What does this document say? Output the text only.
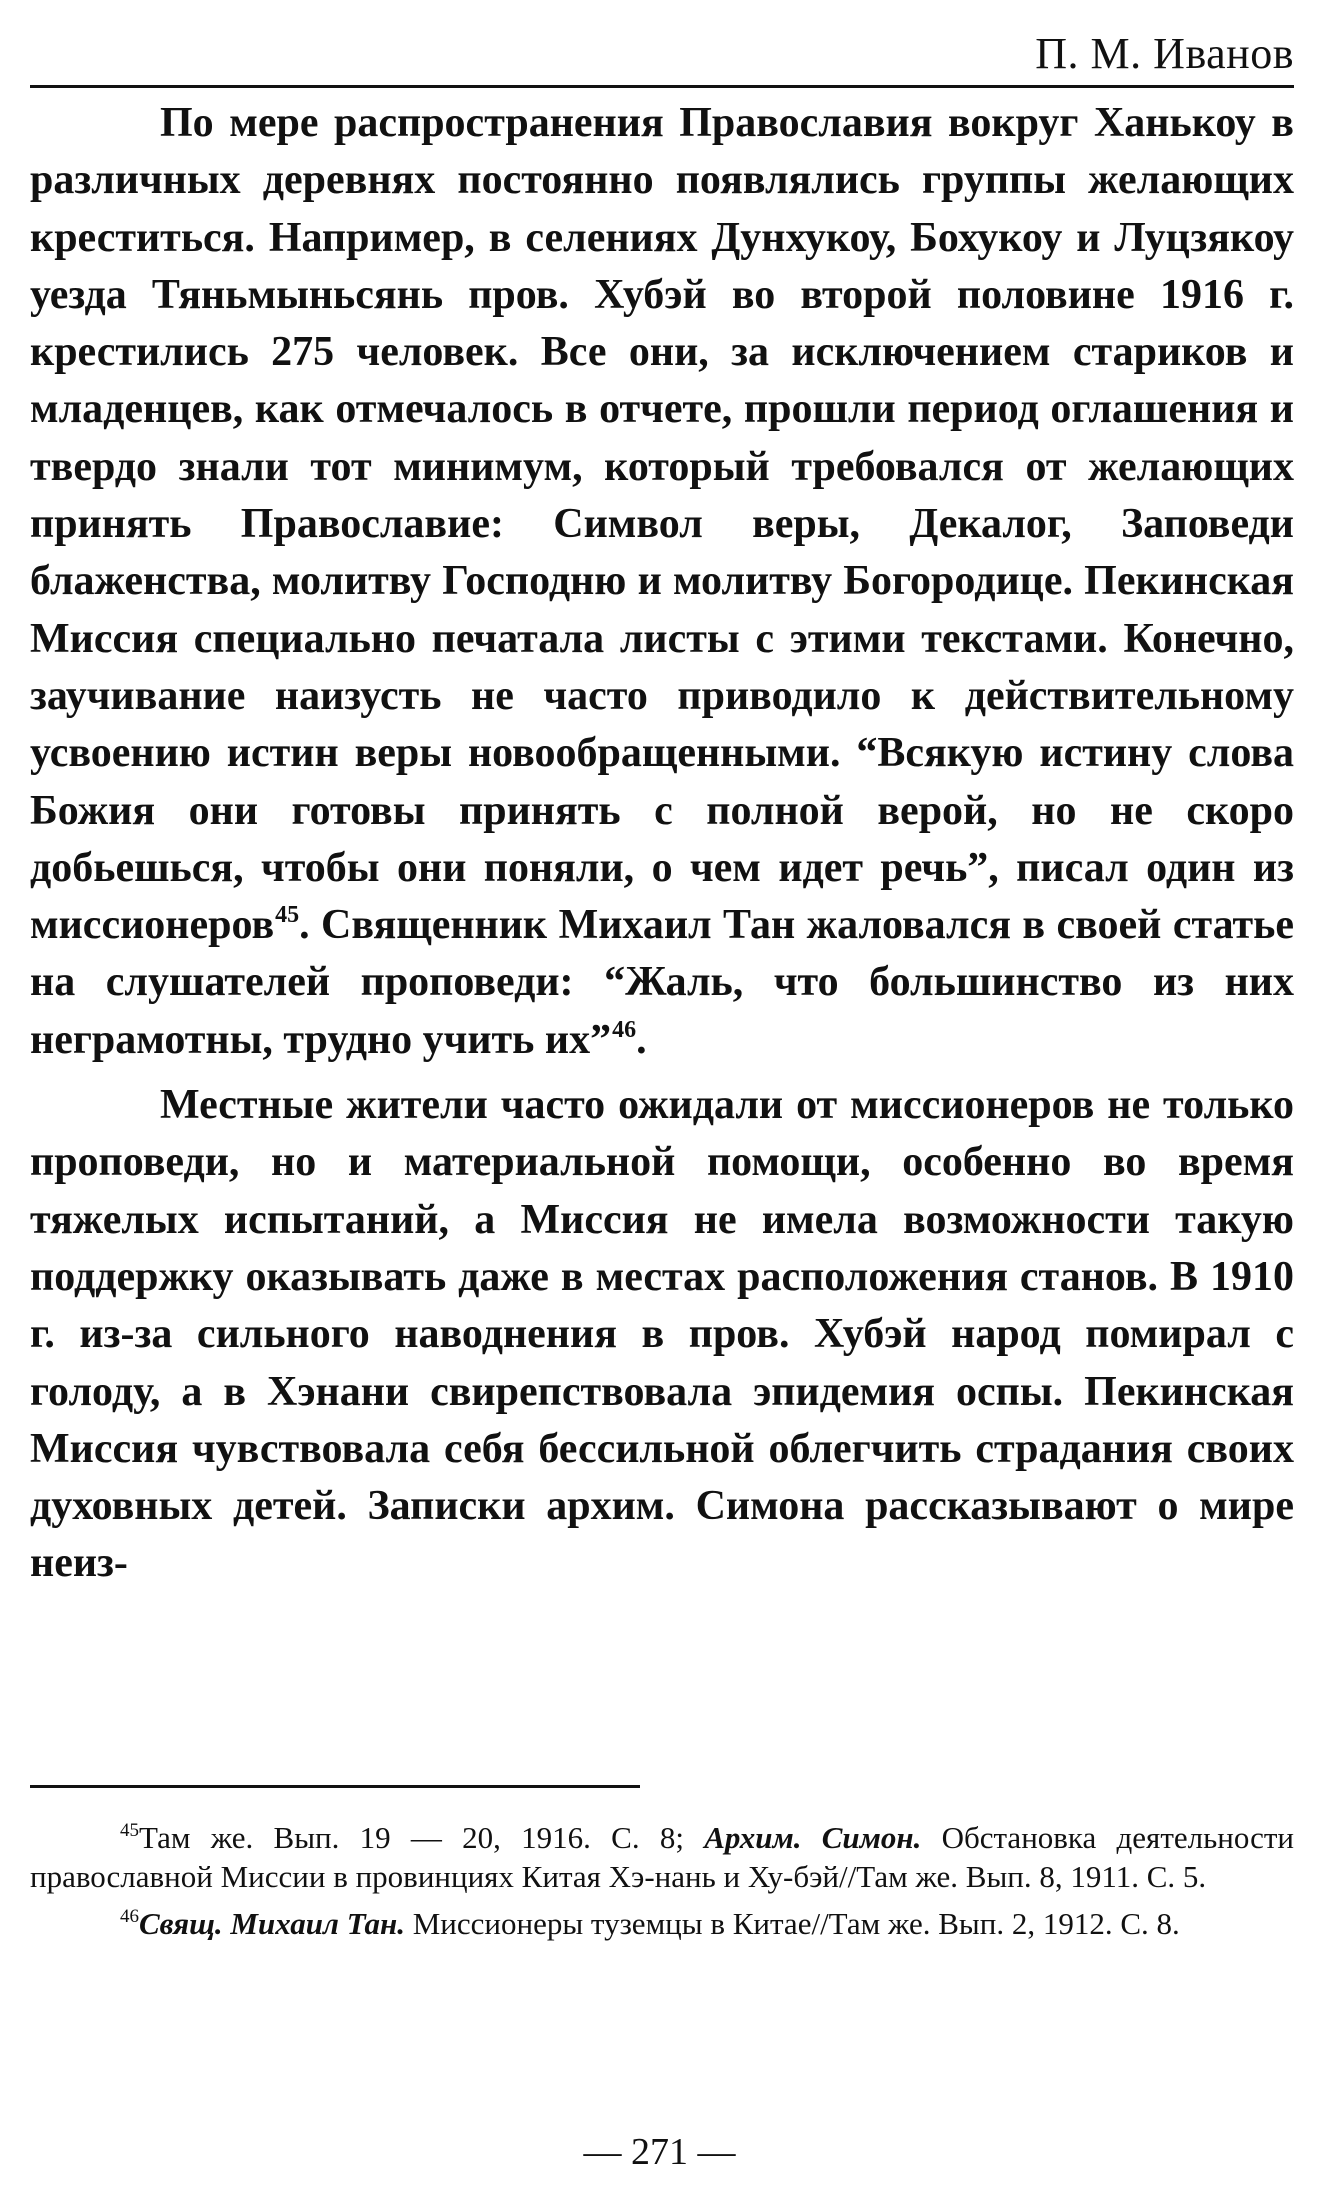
П. М. Иванов

По мере распространения Православия вокруг Ханькоу в различных деревнях постоянно появлялись группы желающих креститься. Например, в селениях Дунхукоу, Бохукоу и Луцзякоу уезда Тяньмыньсянь пров. Хубэй во второй половине 1916 г. крестились 275 человек. Все они, за исключением стариков и младенцев, как отмечалось в отчете, прошли период оглашения и твердо знали тот минимум, который требовался от желающих принять Православие: Символ веры, Декалог, Заповеди блаженства, молитву Господню и молитву Богородице. Пекинская Миссия специально печатала листы с этими текстами. Конечно, заучивание наизусть не часто приводило к действительному усвоению истин веры новообращенными. “Всякую истину слова Божия они готовы принять с полной верой, но не скоро добьешься, чтобы они поняли, о чем идет речь”, писал один из миссионеров$^{45}$. Священник Михаил Тан жаловался в своей статье на слушателей проповеди: “Жаль, что большинство из них неграмотны, трудно учить их”$^{46}$.

Местные жители часто ожидали от миссионеров не только проповеди, но и материальной помощи, особенно во время тяжелых испытаний, а Миссия не имела возможности такую поддержку оказывать даже в местах расположения станов. В 1910 г. из-за сильного наводнения в пров. Хубэй народ помирал с голоду, а в Хэнани свирепствовала эпидемия оспы. Пекинская Миссия чувствовала себя бессильной облегчить страдания своих духовных детей. Записки архим. Симона рассказывают о мире неиз-

$^{45}$Там же. Вып. 19 — 20, 1916. С. 8; Архим. Симон. Обстановка деятельности православной Миссии в провинциях Китая Хэ-нань и Ху-бэй//Там же. Вып. 8, 1911. С. 5.

$^{46}$Свящ. Михаил Тан. Миссионеры туземцы в Китае//Там же. Вып. 2, 1912. С. 8.

— 271 —
